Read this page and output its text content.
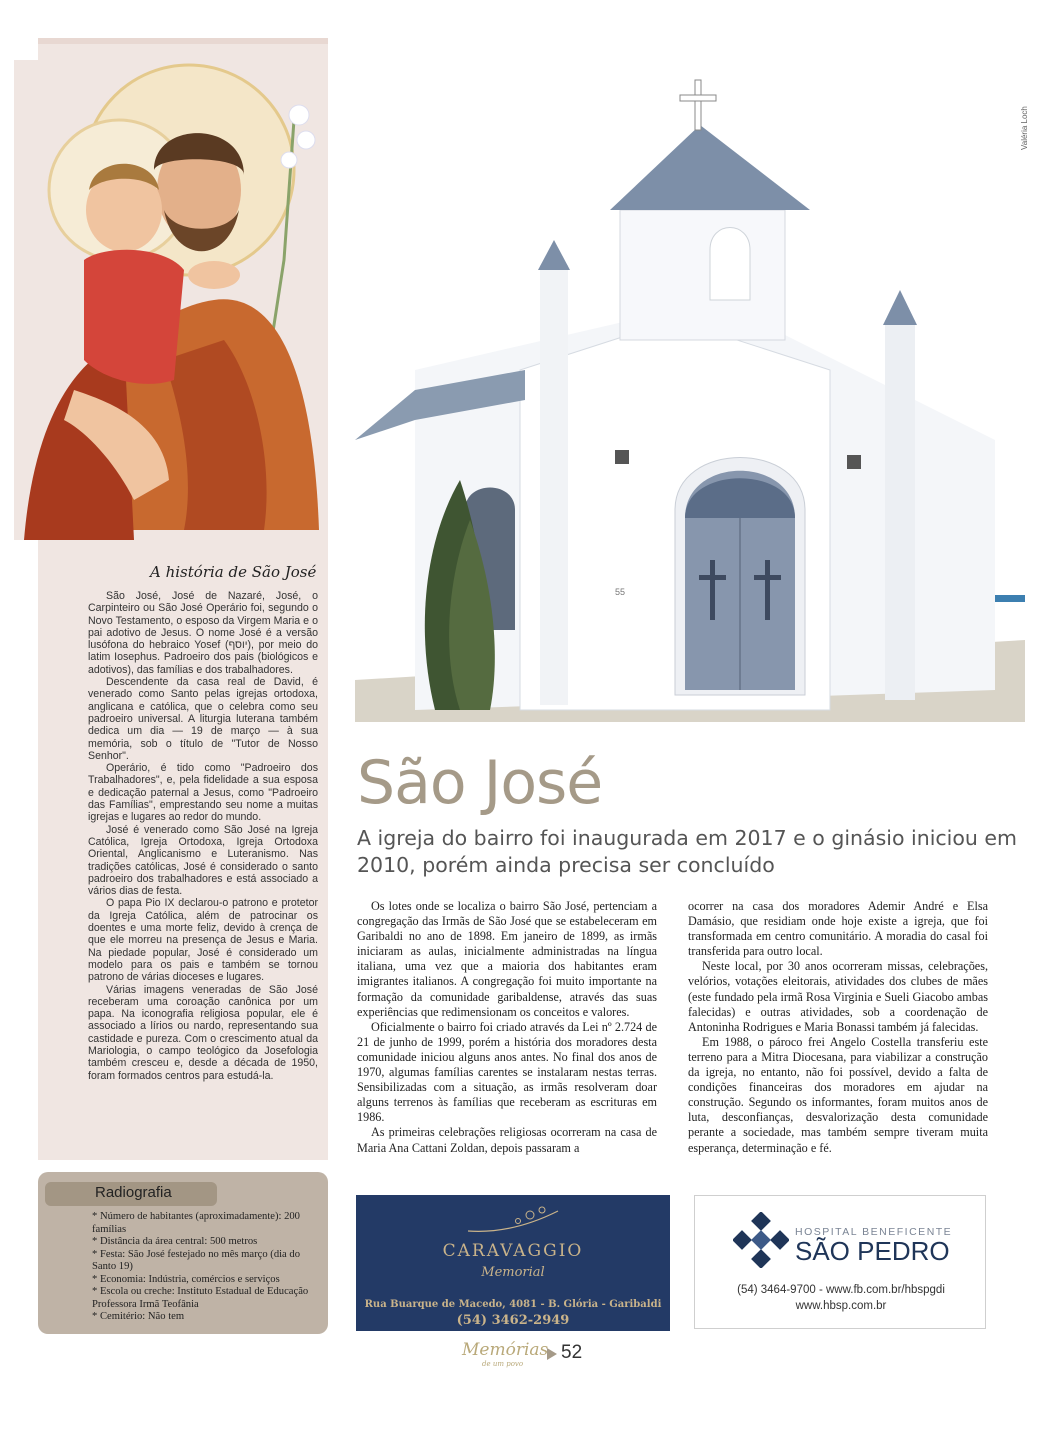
A história de São José

São José, José de Nazaré, José, o Carpinteiro ou São José Operário foi, segundo o Novo Testamento, o esposo da Virgem Maria e o pai adotivo de Jesus. O nome José é a versão lusófona do hebraico Yosef (יוסף), por meio do latim Iosephus. Padroeiro dos pais (biológicos e adotivos), das famílias e dos trabalhadores.

Descendente da casa real de David, é venerado como Santo pelas igrejas ortodoxa, anglicana e católica, que o celebra como seu padroeiro universal. A liturgia luterana também dedica um dia — 19 de março — à sua memória, sob o título de "Tutor de Nosso Senhor".

Operário, é tido como "Padroeiro dos Trabalhadores", e, pela fidelidade a sua esposa e dedicação paternal a Jesus, como "Padroeiro das Famílias", emprestando seu nome a muitas igrejas e lugares ao redor do mundo.

José é venerado como São José na Igreja Católica, Igreja Ortodoxa, Igreja Ortodoxa Oriental, Anglicanismo e Luteranismo. Nas tradições católicas, José é considerado o santo padroeiro dos trabalhadores e está associado a vários dias de festa.

O papa Pio IX declarou-o patrono e protetor da Igreja Católica, além de patrocinar os doentes e uma morte feliz, devido à crença de que ele morreu na presença de Jesus e Maria. Na piedade popular, José é considerado um modelo para os pais e também se tornou patrono de várias dioceses e lugares.

Várias imagens veneradas de São José receberam uma coroação canônica por um papa. Na iconografia religiosa popular, ele é associado a lírios ou nardo, representando sua castidade e pureza. Com o crescimento atual da Mariologia, o campo teológico da Josefologia também cresceu e, desde a década de 1950, foram formados centros para estudá-la.

Radiografia
* Número de habitantes (aproximadamente): 200 famílias
* Distância da área central: 500 metros
* Festa: São José festejado no mês março (dia do Santo 19)
* Economia: Indústria, comércios e serviços
* Escola ou creche: Instituto Estadual de Educação Professora Irmã Teofânia
* Cemitério: Não tem
55
Valéria Loch
São José
A igreja do bairro foi inaugurada em 2017 e o ginásio iniciou em 2010, porém ainda precisa ser concluído

Os lotes onde se localiza o bairro São José, pertenciam a congregação das Irmãs de São José que se estabeleceram em Garibaldi no ano de 1898. Em janeiro de 1899, as irmãs iniciaram as aulas, inicialmente administradas na língua italiana, uma vez que a maioria dos habitantes eram imigrantes italianos. A congregação foi muito importante na formação da comunidade garibaldense, através das suas experiências que redimensionam os conceitos e valores.

Oficialmente o bairro foi criado através da Lei nº 2.724 de 21 de junho de 1999, porém a história dos moradores desta comunidade iniciou alguns anos antes. No final dos anos de 1970, algumas famílias carentes se instalaram nestas terras. Sensibilizadas com a situação, as irmãs resolveram doar alguns terrenos às famílias que receberam as escrituras em 1986.

As primeiras celebrações religiosas ocorreram na casa de Maria Ana Cattani Zoldan, depois passaram a

ocorrer na casa dos moradores Ademir André e Elsa Damásio, que residiam onde hoje existe a igreja, que foi transformada em centro comunitário. A moradia do casal foi transferida para outro local.

Neste local, por 30 anos ocorreram missas, celebrações, velórios, votações eleitorais, atividades dos clubes de mães (este fundado pela irmã Rosa Virginia e Sueli Giacobo ambas falecidas) e outras atividades, sob a coordenação de Antoninha Rodrigues e Maria Bonassi também já falecidas.

Em 1988, o pároco frei Angelo Costella transferiu este terreno para a Mitra Diocesana, para viabilizar a construção da igreja, no entanto, não foi possível, devido a falta de condições financeiras dos moradores em ajudar na construção. Segundo os informantes, foram muitos anos de luta, desconfianças, desvalorização desta comunidade perante a sociedade, mas também sempre tiveram muita esperança, determinação e fé.

CARAVAGGIO
Memorial
Rua Buarque de Macedo, 4081 - B. Glória - Garibaldi
(54) 3462-2949
HOSPITAL BENEFICENTE
SÃO PEDRO
(54) 3464-9700 - www.fb.com.br/hbspgdi
www.hbsp.com.br
Memórias
de um povo
52
